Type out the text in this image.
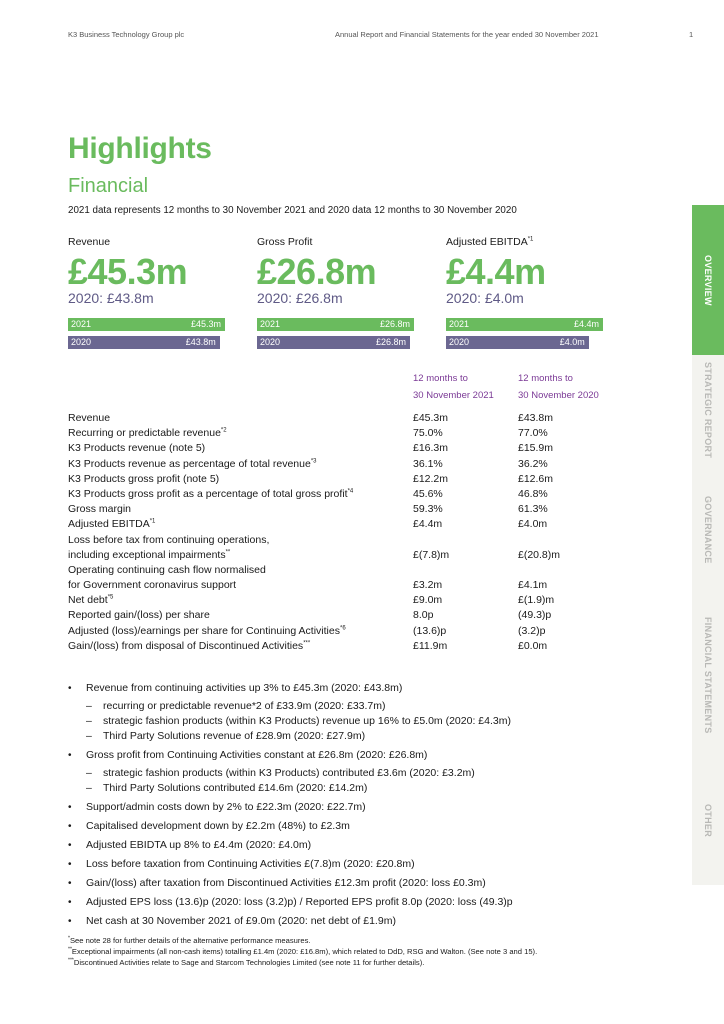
K3 Business Technology Group plc	Annual Report and Financial Statements for the year ended 30 November 2021	1
Highlights
Financial
2021 data represents 12 months to 30 November 2021 and 2020 data 12 months to 30 November 2020
Revenue
£45.3m
2020: £43.8m
2021	£45.3m
2020	£43.8m
Gross Profit
£26.8m
2020: £26.8m
2021	£26.8m
2020	£26.8m
Adjusted EBITDA$^{*1}$
£4.4m
2020: £4.0m
2021	£4.4m
2020	£4.0m
12 months to
30 November 2021
12 months to
30 November 2020
Revenue	£45.3m	£43.8m
Recurring or predictable revenue$^{*2}$	75.0%	77.0%
K3 Products revenue (note 5)	£16.3m	£15.9m
K3 Products revenue as percentage of total revenue$^{*3}$	36.1%	36.2%
K3 Products gross profit (note 5)	£12.2m	£12.6m
K3 Products gross profit as a percentage of total gross profit$^{*4}$	45.6%	46.8%
Gross margin	59.3%	61.3%
Adjusted EBITDA$^{*1}$	£4.4m	£4.0m
Loss before tax from continuing operations,
including exceptional impairments**	£(7.8)m	£(20.8)m
Operating continuing cash flow normalised
for Government coronavirus support	£3.2m	£4.1m
Net debt$^{*5}$	£9.0m	£(1.9)m
Reported gain/(loss) per share	8.0p	(49.3)p
Adjusted (loss)/earnings per share for Continuing Activities$^{*6}$	(13.6)p	(3.2)p
Gain/(loss) from disposal of Discontinued Activities***	£11.9m	£0.0m
• Revenue from continuing activities up 3% to £45.3m (2020: £43.8m)
– recurring or predictable revenue*2 of £33.9m (2020: £33.7m)
– strategic fashion products (within K3 Products) revenue up 16% to £5.0m (2020: £4.3m)
– Third Party Solutions revenue of £28.9m (2020: £27.9m)
• Gross profit from Continuing Activities constant at £26.8m (2020: £26.8m)
– strategic fashion products (within K3 Products) contributed £3.6m (2020: £3.2m)
– Third Party Solutions contributed £14.6m (2020: £14.2m)
• Support/admin costs down by 2% to £22.3m (2020: £22.7m)
• Capitalised development down by £2.2m (48%) to £2.3m
• Adjusted EBIDTA up 8% to £4.4m (2020: £4.0m)
• Loss before taxation from Continuing Activities £(7.8)m (2020: £20.8m)
• Gain/(loss) after taxation from Discontinued Activities £12.3m profit (2020: loss £0.3m)
• Adjusted EPS loss (13.6)p (2020: loss (3.2)p) / Reported EPS profit 8.0p (2020: loss (49.3)p
• Net cash at 30 November 2021 of £9.0m (2020: net debt of £1.9m)
*See note 28 for further details of the alternative performance measures.
**Exceptional impairments (all non-cash items) totalling £1.4m (2020: £16.8m), which related to DdD, RSG and Walton. (See note 3 and 15).
***Discontinued Activities relate to Sage and Starcom Technologies Limited (see note 11 for further details).
OVERVIEW
STRATEGIC REPORT
GOVERNANCE
FINANCIAL STATEMENTS
OTHER
